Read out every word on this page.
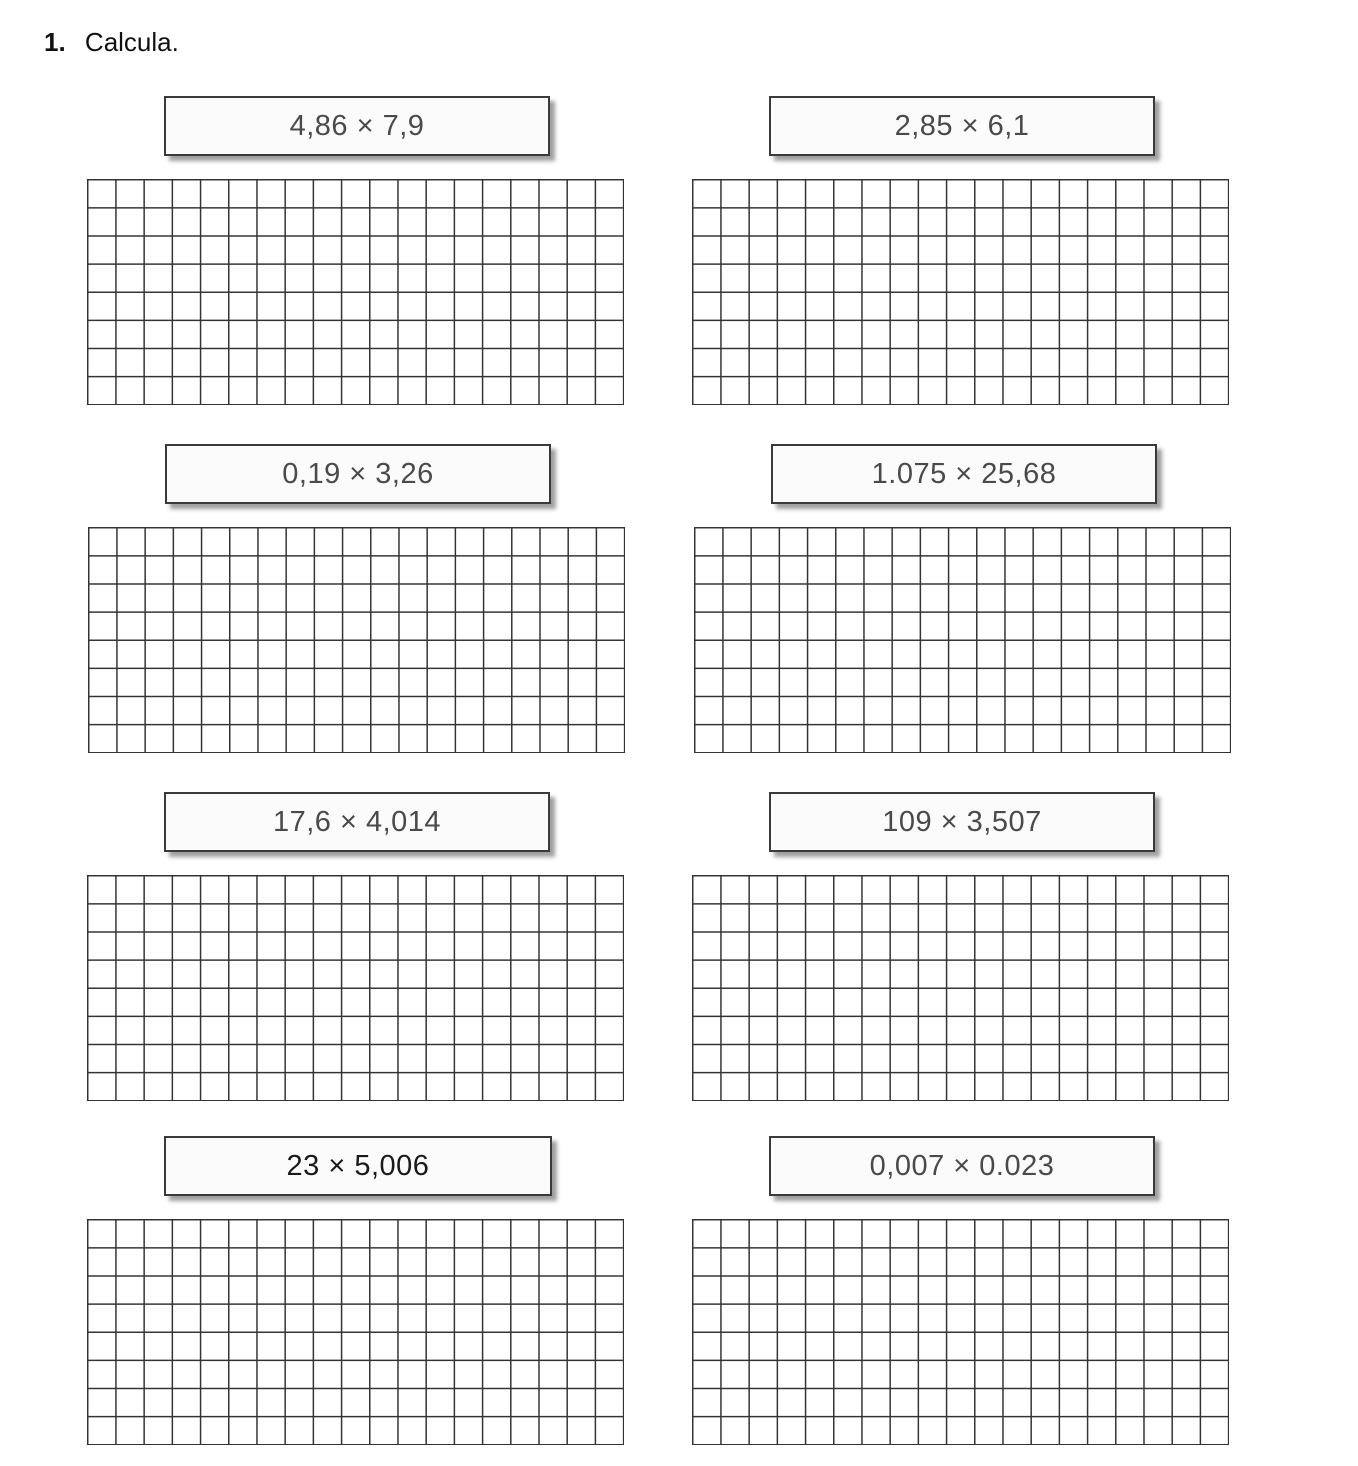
1. Calcula.
4,86 × 7,9	2,85 × 6,1
0,19 × 3,26	1.075 × 25,68
17,6 × 4,014	109 × 3,507
23 × 5,006	0,007 × 0.023
